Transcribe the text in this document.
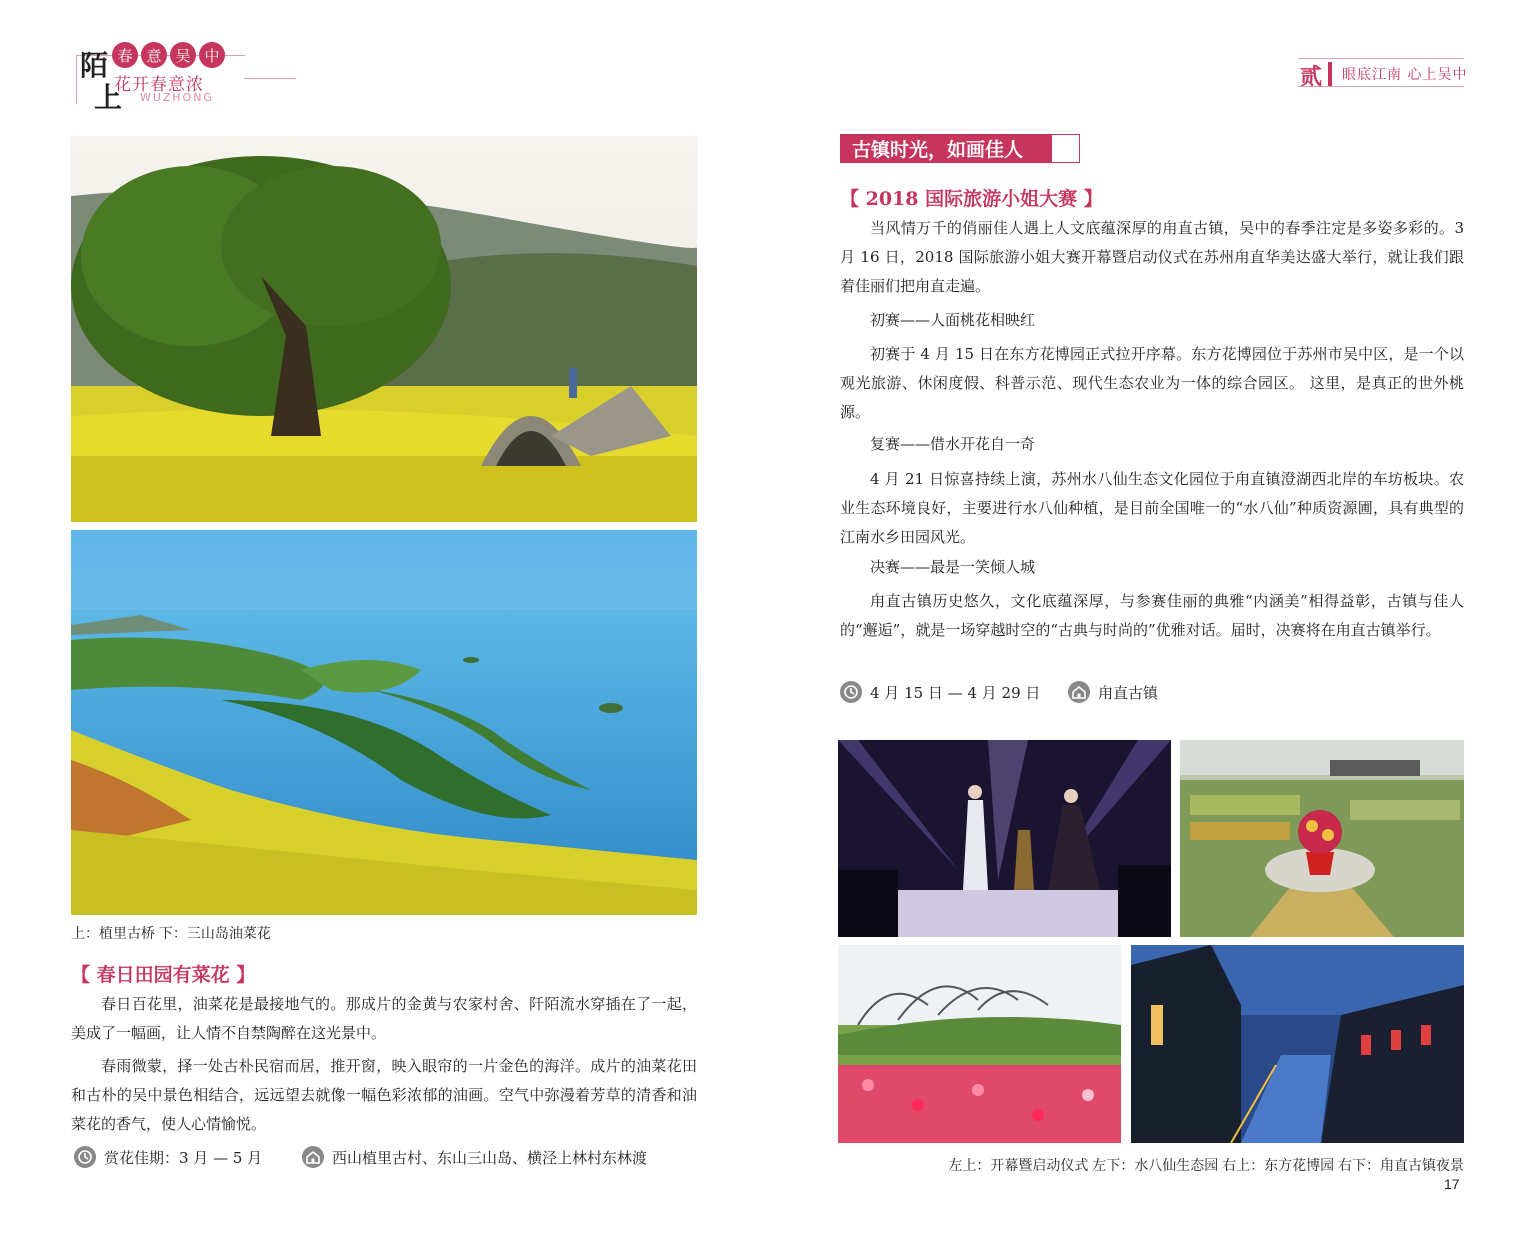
陌
上
春 意 吴 中
花开春意浓
WUZHONG
贰 眼底江南 心上吴中
上：植里古桥 下：三山岛油菜花
【 春日田园有菜花 】
春日百花里，油菜花是最接地气的。那成片的金黄与农家村舍、阡陌流水穿插在了一起，美成了一幅画，让人情不自禁陶醉在这光景中。
春雨微蒙，择一处古朴民宿而居，推开窗，映入眼帘的一片金色的海洋。成片的油菜花田和古朴的吴中景色相结合，远远望去就像一幅色彩浓郁的油画。空气中弥漫着芳草的清香和油菜花的香气，使人心情愉悦。
赏花佳期：3 月 — 5 月	西山植里古村、东山三山岛、横泾上林村东林渡
古镇时光，如画佳人
【 2018 国际旅游小姐大赛 】
当风情万千的俏丽佳人遇上人文底蕴深厚的甪直古镇，吴中的春季注定是多姿多彩的。3 月 16 日，2018 国际旅游小姐大赛开幕暨启动仪式在苏州甪直华美达盛大举行，就让我们跟着佳丽们把甪直走遍。
初赛——人面桃花相映红
初赛于 4 月 15 日在东方花博园正式拉开序幕。东方花博园位于苏州市吴中区，是一个以观光旅游、休闲度假、科普示范、现代生态农业为一体的综合园区。 这里，是真正的世外桃源。
复赛——借水开花自一奇
4 月 21 日惊喜持续上演，苏州水八仙生态文化园位于甪直镇澄湖西北岸的车坊板块。农业生态环境良好，主要进行水八仙种植，是目前全国唯一的“水八仙”种质资源圃，具有典型的江南水乡田园风光。
决赛——最是一笑倾人城
甪直古镇历史悠久，文化底蕴深厚，与参赛佳丽的典雅“内涵美”相得益彰，古镇与佳人的“邂逅”，就是一场穿越时空的“古典与时尚的”优雅对话。届时，决赛将在甪直古镇举行。
4 月 15 日 — 4 月 29 日	甪直古镇
左上：开幕暨启动仪式 左下：水八仙生态园 右上：东方花博园 右下：甪直古镇夜景
17
